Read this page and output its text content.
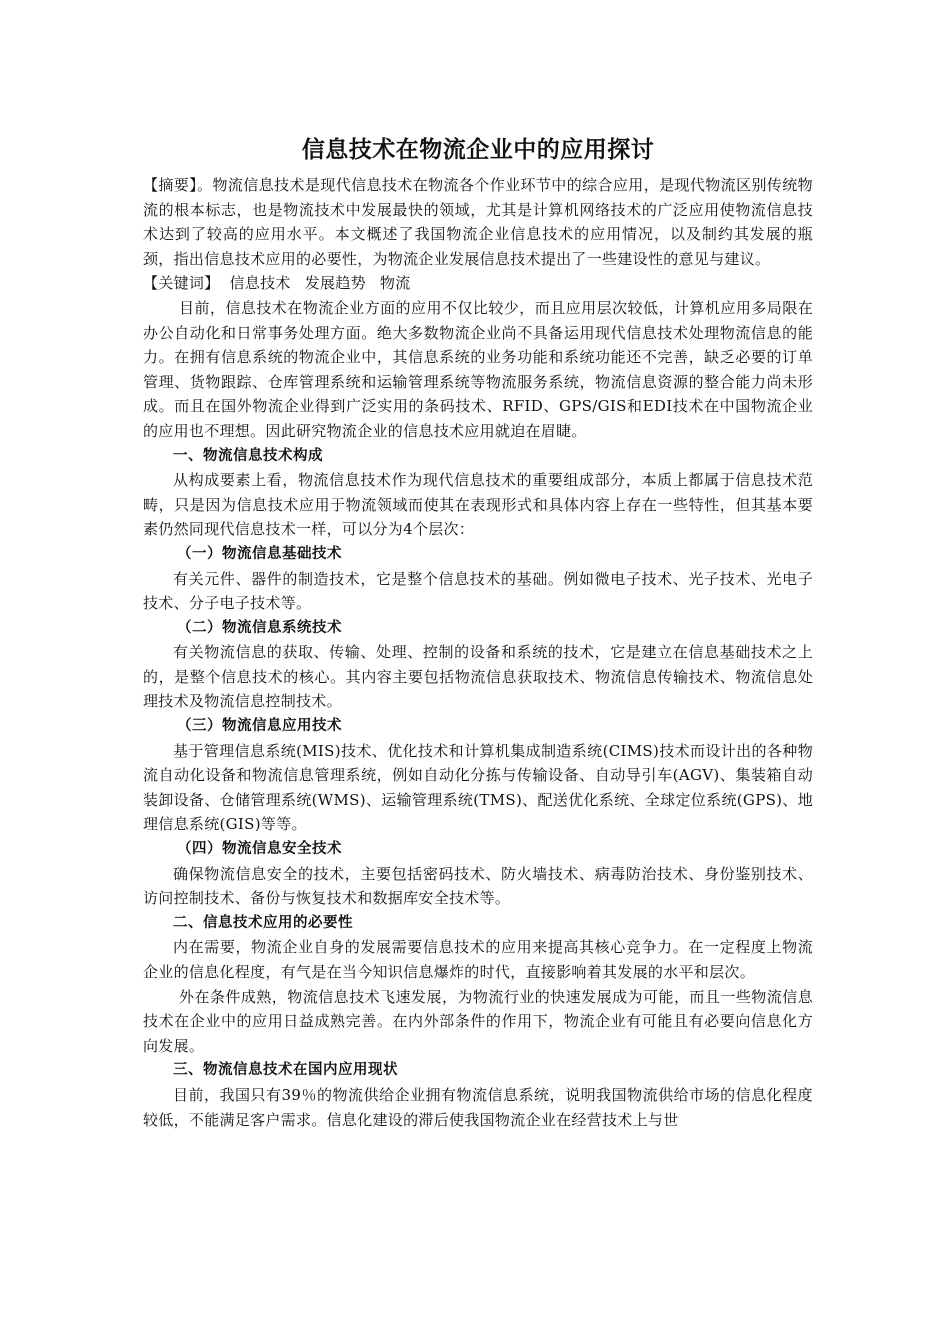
信息技术在物流企业中的应用探讨

【摘要】。物流信息技术是现代信息技术在物流各个作业环节中的综合应用，是现代物流区别传统物流的根本标志，也是物流技术中发展最快的领域，尤其是计算机网络技术的广泛应用使物流信息技术达到了较高的应用水平。本文概述了我国物流企业信息技术的应用情况，以及制约其发展的瓶颈，指出信息技术应用的必要性，为物流企业发展信息技术提出了一些建设性的意见与建议。

【关键词】 信息技术 发展趋势 物流

目前，信息技术在物流企业方面的应用不仅比较少，而且应用层次较低，计算机应用多局限在办公自动化和日常事务处理方面。绝大多数物流企业尚不具备运用现代信息技术处理物流信息的能力。在拥有信息系统的物流企业中，其信息系统的业务功能和系统功能还不完善，缺乏必要的订单管理、货物跟踪、仓库管理系统和运输管理系统等物流服务系统，物流信息资源的整合能力尚未形成。而且在国外物流企业得到广泛实用的条码技术、RFID、GPS/GIS和EDI技术在中国物流企业的应用也不理想。因此研究物流企业的信息技术应用就迫在眉睫。

一、物流信息技术构成

从构成要素上看，物流信息技术作为现代信息技术的重要组成部分，本质上都属于信息技术范畴，只是因为信息技术应用于物流领域而使其在表现形式和具体内容上存在一些特性，但其基本要素仍然同现代信息技术一样，可以分为4个层次：

（一）物流信息基础技术

有关元件、器件的制造技术，它是整个信息技术的基础。例如微电子技术、光子技术、光电子技术、分子电子技术等。

（二）物流信息系统技术

有关物流信息的获取、传输、处理、控制的设备和系统的技术，它是建立在信息基础技术之上的，是整个信息技术的核心。其内容主要包括物流信息获取技术、物流信息传输技术、物流信息处理技术及物流信息控制技术。

（三）物流信息应用技术

基于管理信息系统(MIS)技术、优化技术和计算机集成制造系统(CIMS)技术而设计出的各种物流自动化设备和物流信息管理系统，例如自动化分拣与传输设备、自动导引车(AGV)、集装箱自动装卸设备、仓储管理系统(WMS)、运输管理系统(TMS)、配送优化系统、全球定位系统(GPS)、地理信息系统(GIS)等等。

（四）物流信息安全技术

确保物流信息安全的技术，主要包括密码技术、防火墙技术、病毒防治技术、身份鉴别技术、访问控制技术、备份与恢复技术和数据库安全技术等。

二、信息技术应用的必要性

内在需要，物流企业自身的发展需要信息技术的应用来提高其核心竞争力。在一定程度上物流企业的信息化程度，有气是在当今知识信息爆炸的时代，直接影响着其发展的水平和层次。

外在条件成熟，物流信息技术飞速发展，为物流行业的快速发展成为可能，而且一些物流信息技术在企业中的应用日益成熟完善。在内外部条件的作用下，物流企业有可能且有必要向信息化方向发展。

三、物流信息技术在国内应用现状

目前，我国只有39％的物流供给企业拥有物流信息系统，说明我国物流供给市场的信息化程度较低，不能满足客户需求。信息化建设的滞后使我国物流企业在经营技术上与世
